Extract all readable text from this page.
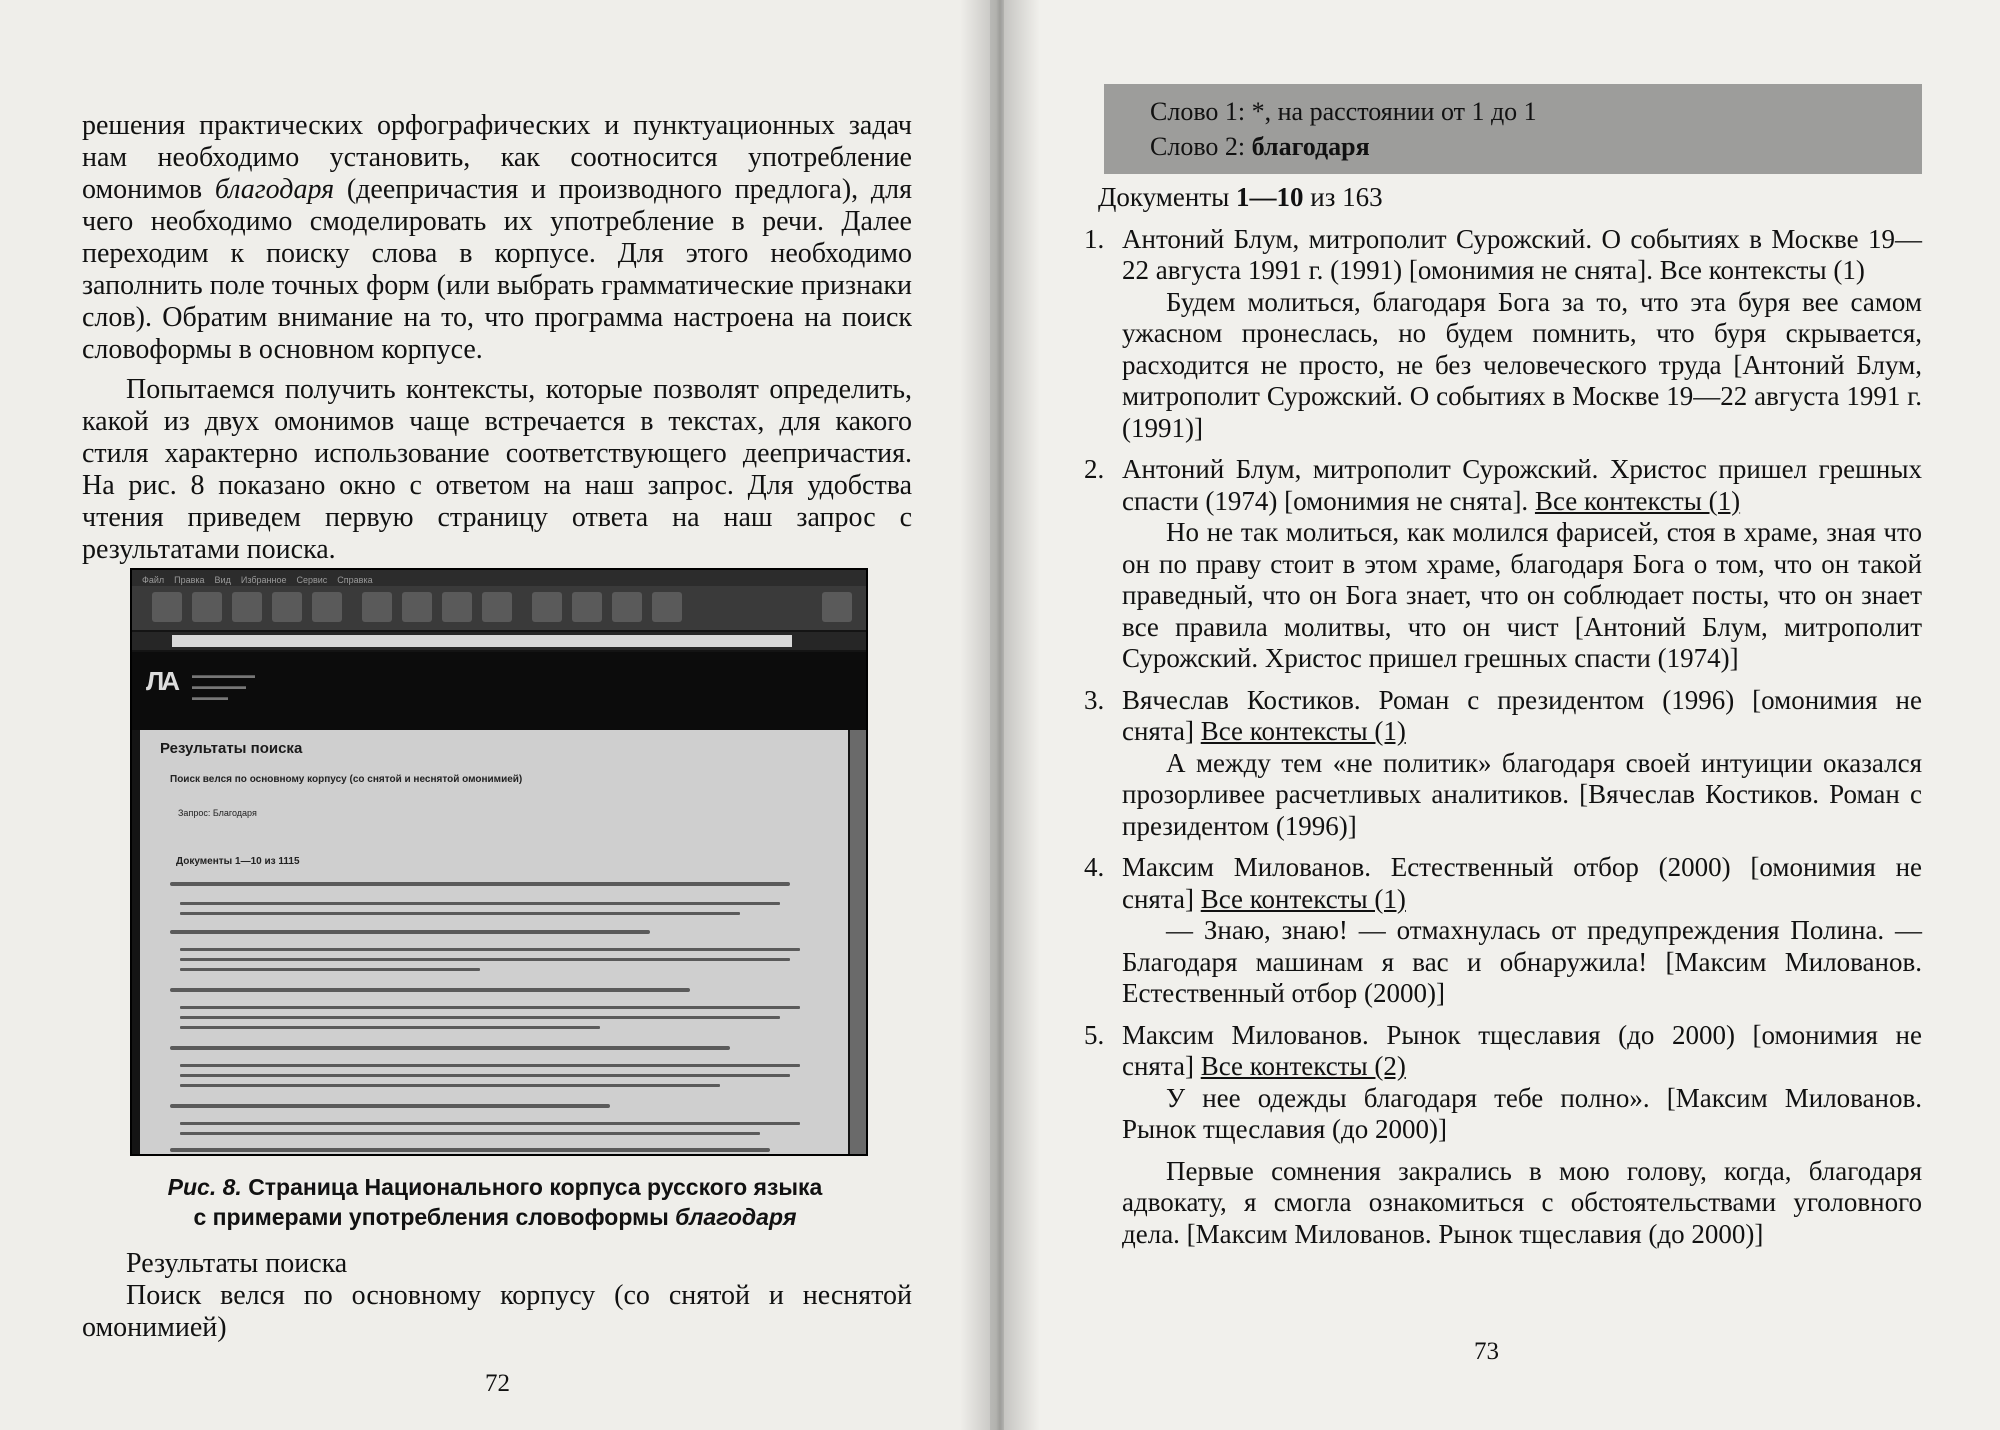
решения практических орфографических и пунктуационных задач нам необходимо установить, как соотносится употребление омонимов благодаря (деепричастия и производного предлога), для чего необходимо смоделировать их употребление в речи. Далее переходим к поиску слова в корпусе. Для этого необходимо заполнить поле точных форм (или выбрать грамматические признаки слов). Обратим внимание на то, что программа настроена на поиск словоформы в основном корпусе.

Попытаемся получить контексты, которые позволят определить, какой из двух омонимов чаще встречается в текстах, для какого стиля характерно использование соответствующего деепричастия. На рис. 8 показано окно с ответом на наш запрос. Для удобства чтения приведем первую страницу ответа на наш запрос с результатами поиска.

Файл Правка Вид Избранное Сервис Справка
ЛА ▬▬▬▬▬▬▬
▬▬▬▬▬▬
▬▬▬▬
Результаты поиска
Поиск велся по основному корпусу (со снятой и неснятой омонимией)
Запрос: Благодаря
Документы 1—10 из 1115
Рис. 8. Страница Национального корпуса русского языка
с примерами употребления словоформы благодаря

Результаты поиска

Поиск велся по основному корпусу (со снятой и неснятой омонимией)

72
Слово 1: *, на расстоянии от 1 до 1
Слово 2: благодаря
Документы 1—10 из 163
1. Антоний Блум, митрополит Сурожский. О событиях в Москве 19—22 августа 1991 г. (1991) [омонимия не снята]. Все контексты (1)

Будем молиться, благодаря Бога за то, что эта буря вее самом ужасном пронеслась, но будем помнить, что буря скрывается, расходится не просто, не без человеческого труда [Антоний Блум, митрополит Сурожский. О событиях в Москве 19—22 августа 1991 г. (1991)]

2. Антоний Блум, митрополит Сурожский. Христос пришел грешных спасти (1974) [омонимия не снята]. Все контексты (1)

Но не так молиться, как молился фарисей, стоя в храме, зная что он по праву стоит в этом храме, благодаря Бога о том, что он такой праведный, что он Бога знает, что он соблюдает посты, что он знает все правила молитвы, что он чист [Антоний Блум, митрополит Сурожский. Христос пришел грешных спасти (1974)]

3. Вячеслав Костиков. Роман с президентом (1996) [омонимия не снята] Все контексты (1)

А между тем «не политик» благодаря своей интуиции оказался прозорливее расчетливых аналитиков. [Вячеслав Костиков. Роман с президентом (1996)]

4. Максим Милованов. Естественный отбор (2000) [омонимия не снята] Все контексты (1)

— Знаю, знаю! — отмахнулась от предупреждения Полина. — Благодаря машинам я вас и обнаружила! [Максим Милованов. Естественный отбор (2000)]

5. Максим Милованов. Рынок тщеславия (до 2000) [омонимия не снята] Все контексты (2)

У нее одежды благодаря тебе полно». [Максим Милованов. Рынок тщеславия (до 2000)]

Первые сомнения закрались в мою голову, когда, благодаря адвокату, я смогла ознакомиться с обстоятельствами уголовного дела. [Максим Милованов. Рынок тщеславия (до 2000)]

73
